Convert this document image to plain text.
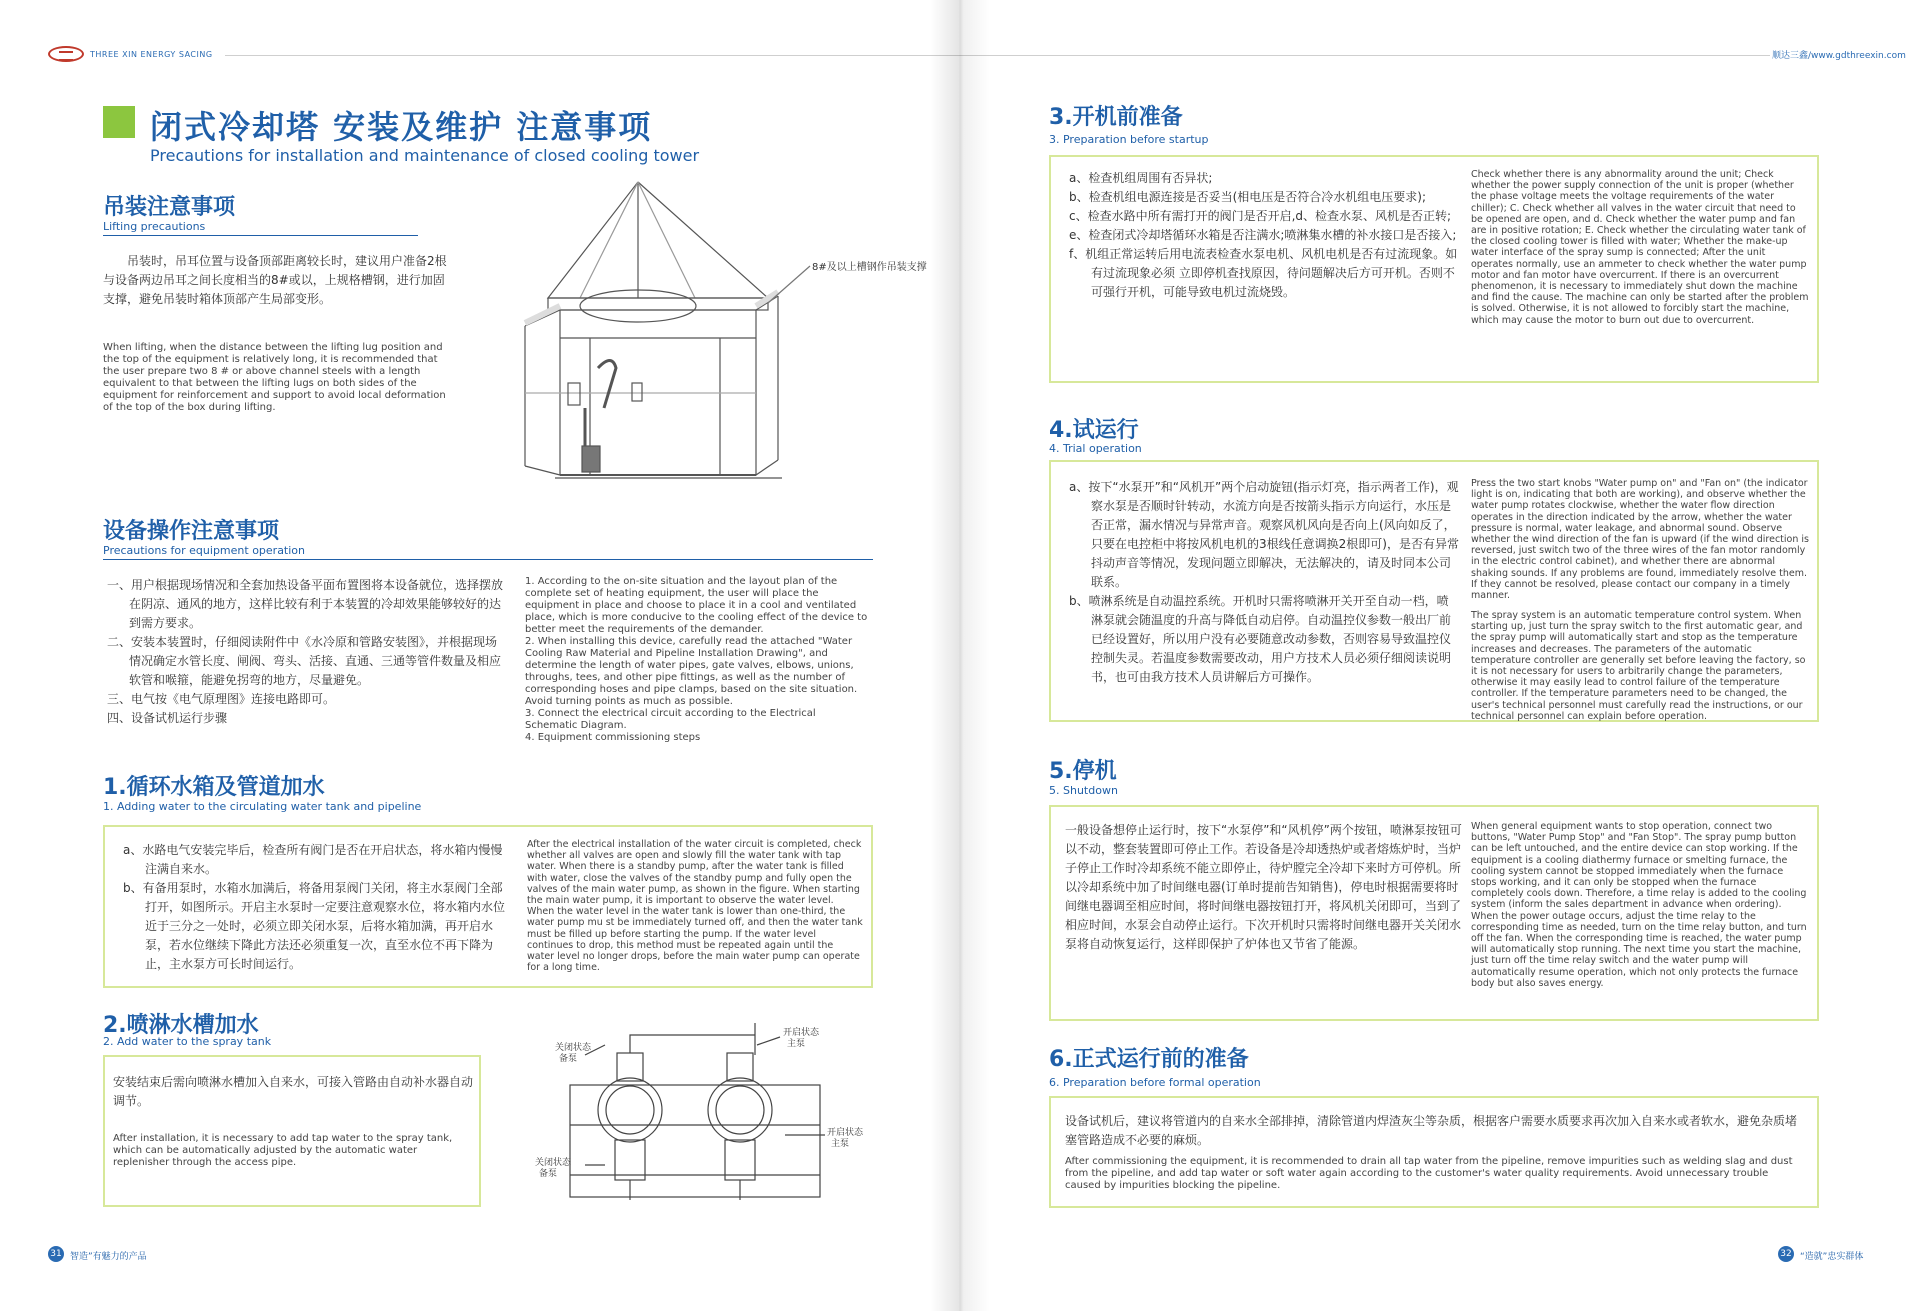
THREE XIN ENERGY SACING
闭式冷却塔 安装及维护 注意事项
Precautions for installation and maintenance of closed cooling tower
吊装注意事项
Lifting precautions
吊装时，吊耳位置与设备顶部距离较长时，建议用户准备2根与设备两边吊耳之间长度相当的8#或以，上规格槽钢，进行加固支撑，避免吊装时箱体顶部产生局部变形。
When lifting, when the distance between the lifting lug position and the top of the equipment is relatively long, it is recommended that the user prepare two 8 # or above channel steels with a length equivalent to that between the lifting lugs on both sides of the equipment for reinforcement and support to avoid local deformation of the top of the box during lifting.
8#及以上槽钢作吊装支撑
设备操作注意事项
Precautions for equipment operation
一、用户根据现场情况和全套加热设备平面布置图将本设备就位，选择摆放在阴凉、通风的地方，这样比较有利于本装置的冷却效果能够较好的达到需方要求。
二、安装本装置时，仔细阅读附件中《水冷原和管路安装图》，并根据现场情况确定水管长度、闸阀、弯头、活接、直通、三通等管件数量及相应软管和喉箍，能避免拐弯的地方，尽量避免。
三、电气按《电气原理图》连接电路即可。
四、设备试机运行步骤
1. According to the on-site situation and the layout plan of the complete set of heating equipment, the user will place the equipment in place and choose to place it in a cool and ventilated place, which is more conducive to the cooling effect of the device to better meet the requirements of the demander.
2. When installing this device, carefully read the attached "Water Cooling Raw Material and Pipeline Installation Drawing", and determine the length of water pipes, gate valves, elbows, unions, throughs, tees, and other pipe fittings, as well as the number of corresponding hoses and pipe clamps, based on the site situation. Avoid turning points as much as possible.
3. Connect the electrical circuit according to the Electrical Schematic Diagram.
4. Equipment commissioning steps
1.循环水箱及管道加水
1. Adding water to the circulating water tank and pipeline
a、水路电气安装完毕后，检查所有阀门是否在开启状态，将水箱内慢慢注满自来水。
b、有备用泵时，水箱水加满后，将备用泵阀门关闭，将主水泵阀门全部打开，如图所示。开启主水泵时一定要注意观察水位，将水箱内水位近于三分之一处时，必须立即关闭水泵，后将水箱加满，再开启水泵，若水位继续下降此方法还必须重复一次，直至水位不再下降为止，主水泵方可长时间运行。
After the electrical installation of the water circuit is completed, check whether all valves are open and slowly fill the water tank with tap water. When there is a standby pump, after the water tank is filled with water, close the valves of the standby pump and fully open the valves of the main water pump, as shown in the figure. When starting the main water pump, it is important to observe the water level. When the water level in the water tank is lower than one-third, the water pump mu st be immediately turned off, and then the water tank must be filled up before starting the pump. If the water level continues to drop, this method must be repeated again until the water level no longer drops, before the main water pump can operate for a long time.
2.喷淋水槽加水
2. Add water to the spray tank
安装结束后需向喷淋水槽加入自来水，可接入管路由自动补水器自动调节。
After installation, it is necessary to add tap water to the spray tank, which can be automatically adjusted by the automatic water replenisher through the access pipe.
关闭状态
备泵
开启状态
主泵
开启状态
主泵
关闭状态
备泵
31 智造”有魅力的产品
顺达三鑫/www.gdthreexin.com
3.开机前准备
3. Preparation before startup
a、检查机组周围有否异状;
b、检查机组电源连接是否妥当(相电压是否符合冷水机组电压要求);
c、检查水路中所有需打开的阀门是否开启,d、检查水泵、风机是否正转;
e、检查闭式冷却塔循环水箱是否注满水;喷淋集水槽的补水接口是否接入;
f、机组正常运转后用电流表检查水泵电机、风机电机是否有过流现象。如有过流现象必须 立即停机查找原因，待问题解决后方可开机。否则不可强行开机，可能导致电机过流烧毁。
Check whether there is any abnormality around the unit; Check whether the power supply connection of the unit is proper (whether the phase voltage meets the voltage requirements of the water chiller); C. Check whether all valves in the water circuit that need to be opened are open, and d. Check whether the water pump and fan are in positive rotation; E. Check whether the circulating water tank of the closed cooling tower is filled with water; Whether the make-up water interface of the spray sump is connected; After the unit operates normally, use an ammeter to check whether the water pump motor and fan motor have overcurrent. If there is an overcurrent phenomenon, it is necessary to immediately shut down the machine and find the cause. The machine can only be started after the problem is solved. Otherwise, it is not allowed to forcibly start the machine, which may cause the motor to burn out due to overcurrent.
4.试运行
4. Trial operation
a、按下“水泵开”和“风机开”两个启动旋钮(指示灯亮，指示两者工作)，观察水泵是否顺时针转动，水流方向是否按箭头指示方向运行，水压是否正常，漏水情况与异常声音。观察风机风向是否向上(风向如反了，只要在电控柜中将按风机电机的3根线任意调换2根即可)，是否有异常抖动声音等情况，发现问题立即解决，无法解决的，请及时同本公司联系。
b、喷淋系统是自动温控系统。开机时只需将喷淋开关开至自动一档，喷淋泵就会随温度的升高与降低自动启停。自动温控仪参数一般出厂前已经设置好，所以用户没有必要随意改动参数，否则容易导致温控仪控制失灵。若温度参数需要改动，用户方技术人员必须仔细阅读说明书，也可由我方技术人员讲解后方可操作。
Press the two start knobs "Water pump on" and "Fan on" (the indicator light is on, indicating that both are working), and observe whether the water pump rotates clockwise, whether the water flow direction operates in the direction indicated by the arrow, whether the water pressure is normal, water leakage, and abnormal sound. Observe whether the wind direction of the fan is upward (if the wind direction is reversed, just switch two of the three wires of the fan motor randomly in the electric control cabinet), and whether there are abnormal shaking sounds. If any problems are found, immediately resolve them. If they cannot be resolved, please contact our company in a timely manner.
The spray system is an automatic temperature control system. When starting up, just turn the spray switch to the first automatic gear, and the spray pump will automatically start and stop as the temperature increases and decreases. The parameters of the automatic temperature controller are generally set before leaving the factory, so it is not necessary for users to arbitrarily change the parameters, otherwise it may easily lead to control failure of the temperature controller. If the temperature parameters need to be changed, the user's technical personnel must carefully read the instructions, or our technical personnel can explain before operation.
5.停机
5. Shutdown
一般设备想停止运行时，按下“水泵停”和“风机停”两个按钮，喷淋泵按钮可以不动，整套装置即可停止工作。若设备是冷却透热炉或者熔炼炉时，当炉子停止工作时冷却系统不能立即停止，待炉膛完全冷却下来时方可停机。所以冷却系统中加了时间继电器(订单时提前告知销售)，停电时根据需要将时间继电器调至相应时间，将时间继电器按钮打开，将风机关闭即可，当到了相应时间，水泵会自动停止运行。下次开机时只需将时间继电器开关关闭水泵将自动恢复运行，这样即保护了炉体也又节省了能源。
When general equipment wants to stop operation, connect two buttons, "Water Pump Stop" and "Fan Stop". The spray pump button can be left untouched, and the entire device can stop working. If the equipment is a cooling diathermy furnace or smelting furnace, the cooling system cannot be stopped immediately when the furnace stops working, and it can only be stopped when the furnace completely cools down. Therefore, a time relay is added to the cooling system (inform the sales department in advance when ordering). When the power outage occurs, adjust the time relay to the corresponding time as needed, turn on the time relay button, and turn off the fan. When the corresponding time is reached, the water pump will automatically stop running. The next time you start the machine, just turn off the time relay switch and the water pump will automatically resume operation, which not only protects the furnace body but also saves energy.
6.正式运行前的准备
6. Preparation before formal operation
设备试机后，建议将管道内的自来水全部排掉，清除管道内焊渣灰尘等杂质，根据客户需要水质要求再次加入自来水或者软水，避免杂质堵塞管路造成不必要的麻烦。
After commissioning the equipment, it is recommended to drain all tap water from the pipeline, remove impurities such as welding slag and dust from the pipeline, and add tap water or soft water again according to the customer's water quality requirements. Avoid unnecessary trouble caused by impurities blocking the pipeline.
32 “造就”忠实群体
